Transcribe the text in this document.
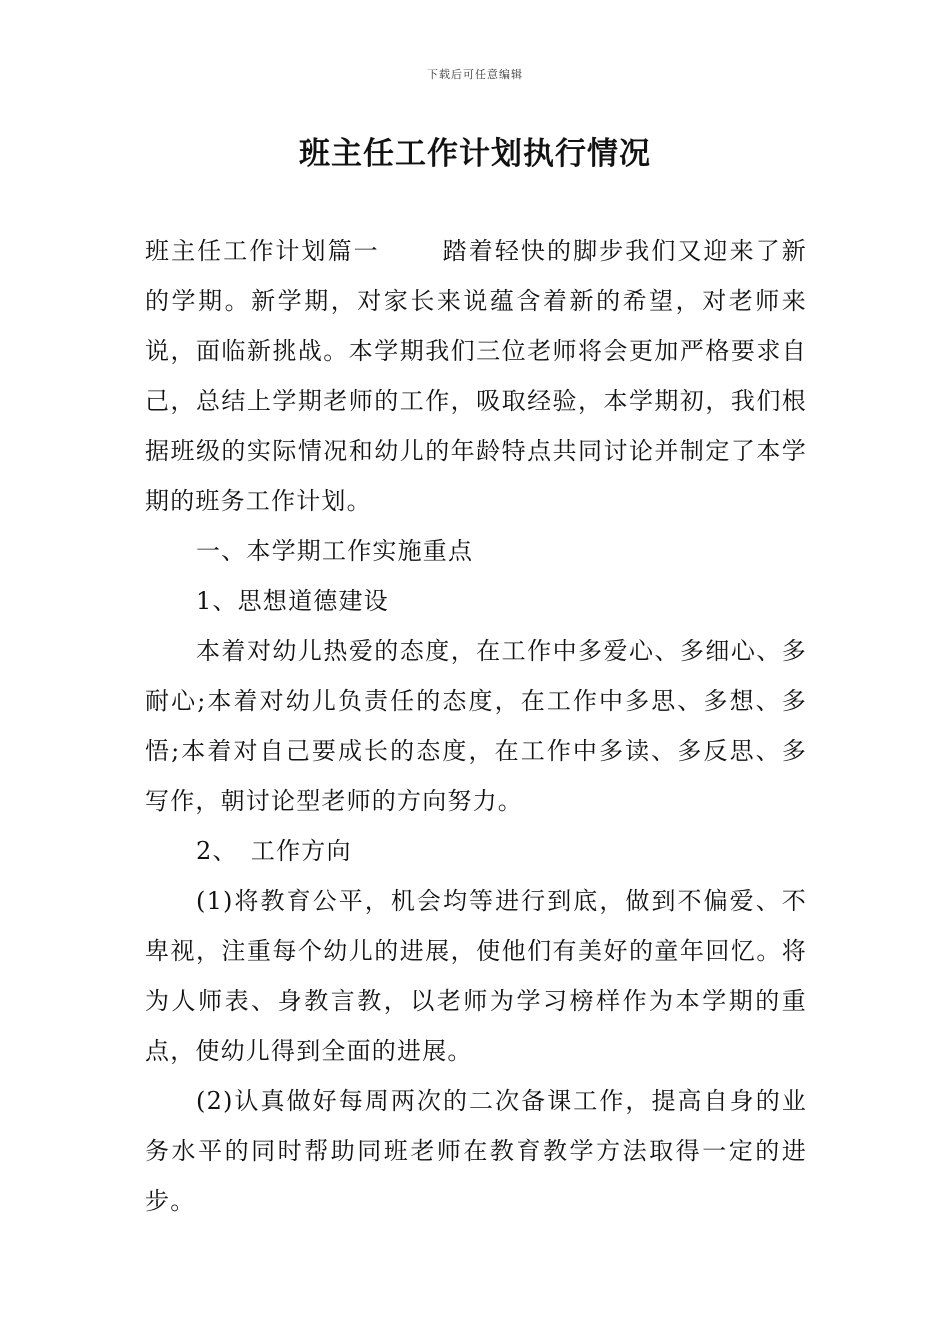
下载后可任意编辑
班主任工作计划执行情况

班主任工作计划篇一	踏着轻快的脚步我们又迎来了新的学期。新学期，对家长来说蕴含着新的希望，对老师来说，面临新挑战。本学期我们三位老师将会更加严格要求自己，总结上学期老师的工作，吸取经验，本学期初，我们根据班级的实际情况和幼儿的年龄特点共同讨论并制定了本学期的班务工作计划。

一、本学期工作实施重点

1、思想道德建设

本着对幼儿热爱的态度，在工作中多爱心、多细心、多耐心;本着对幼儿负责任的态度，在工作中多思、多想、多悟;本着对自己要成长的态度，在工作中多读、多反思、多写作，朝讨论型老师的方向努力。

2、　工作方向

(1)将教育公平，机会均等进行到底，做到不偏爱、不卑视，注重每个幼儿的进展，使他们有美好的童年回忆。将为人师表、身教言教，以老师为学习榜样作为本学期的重点，使幼儿得到全面的进展。

(2)认真做好每周两次的二次备课工作，提高自身的业务水平的同时帮助同班老师在教育教学方法取得一定的进步。
